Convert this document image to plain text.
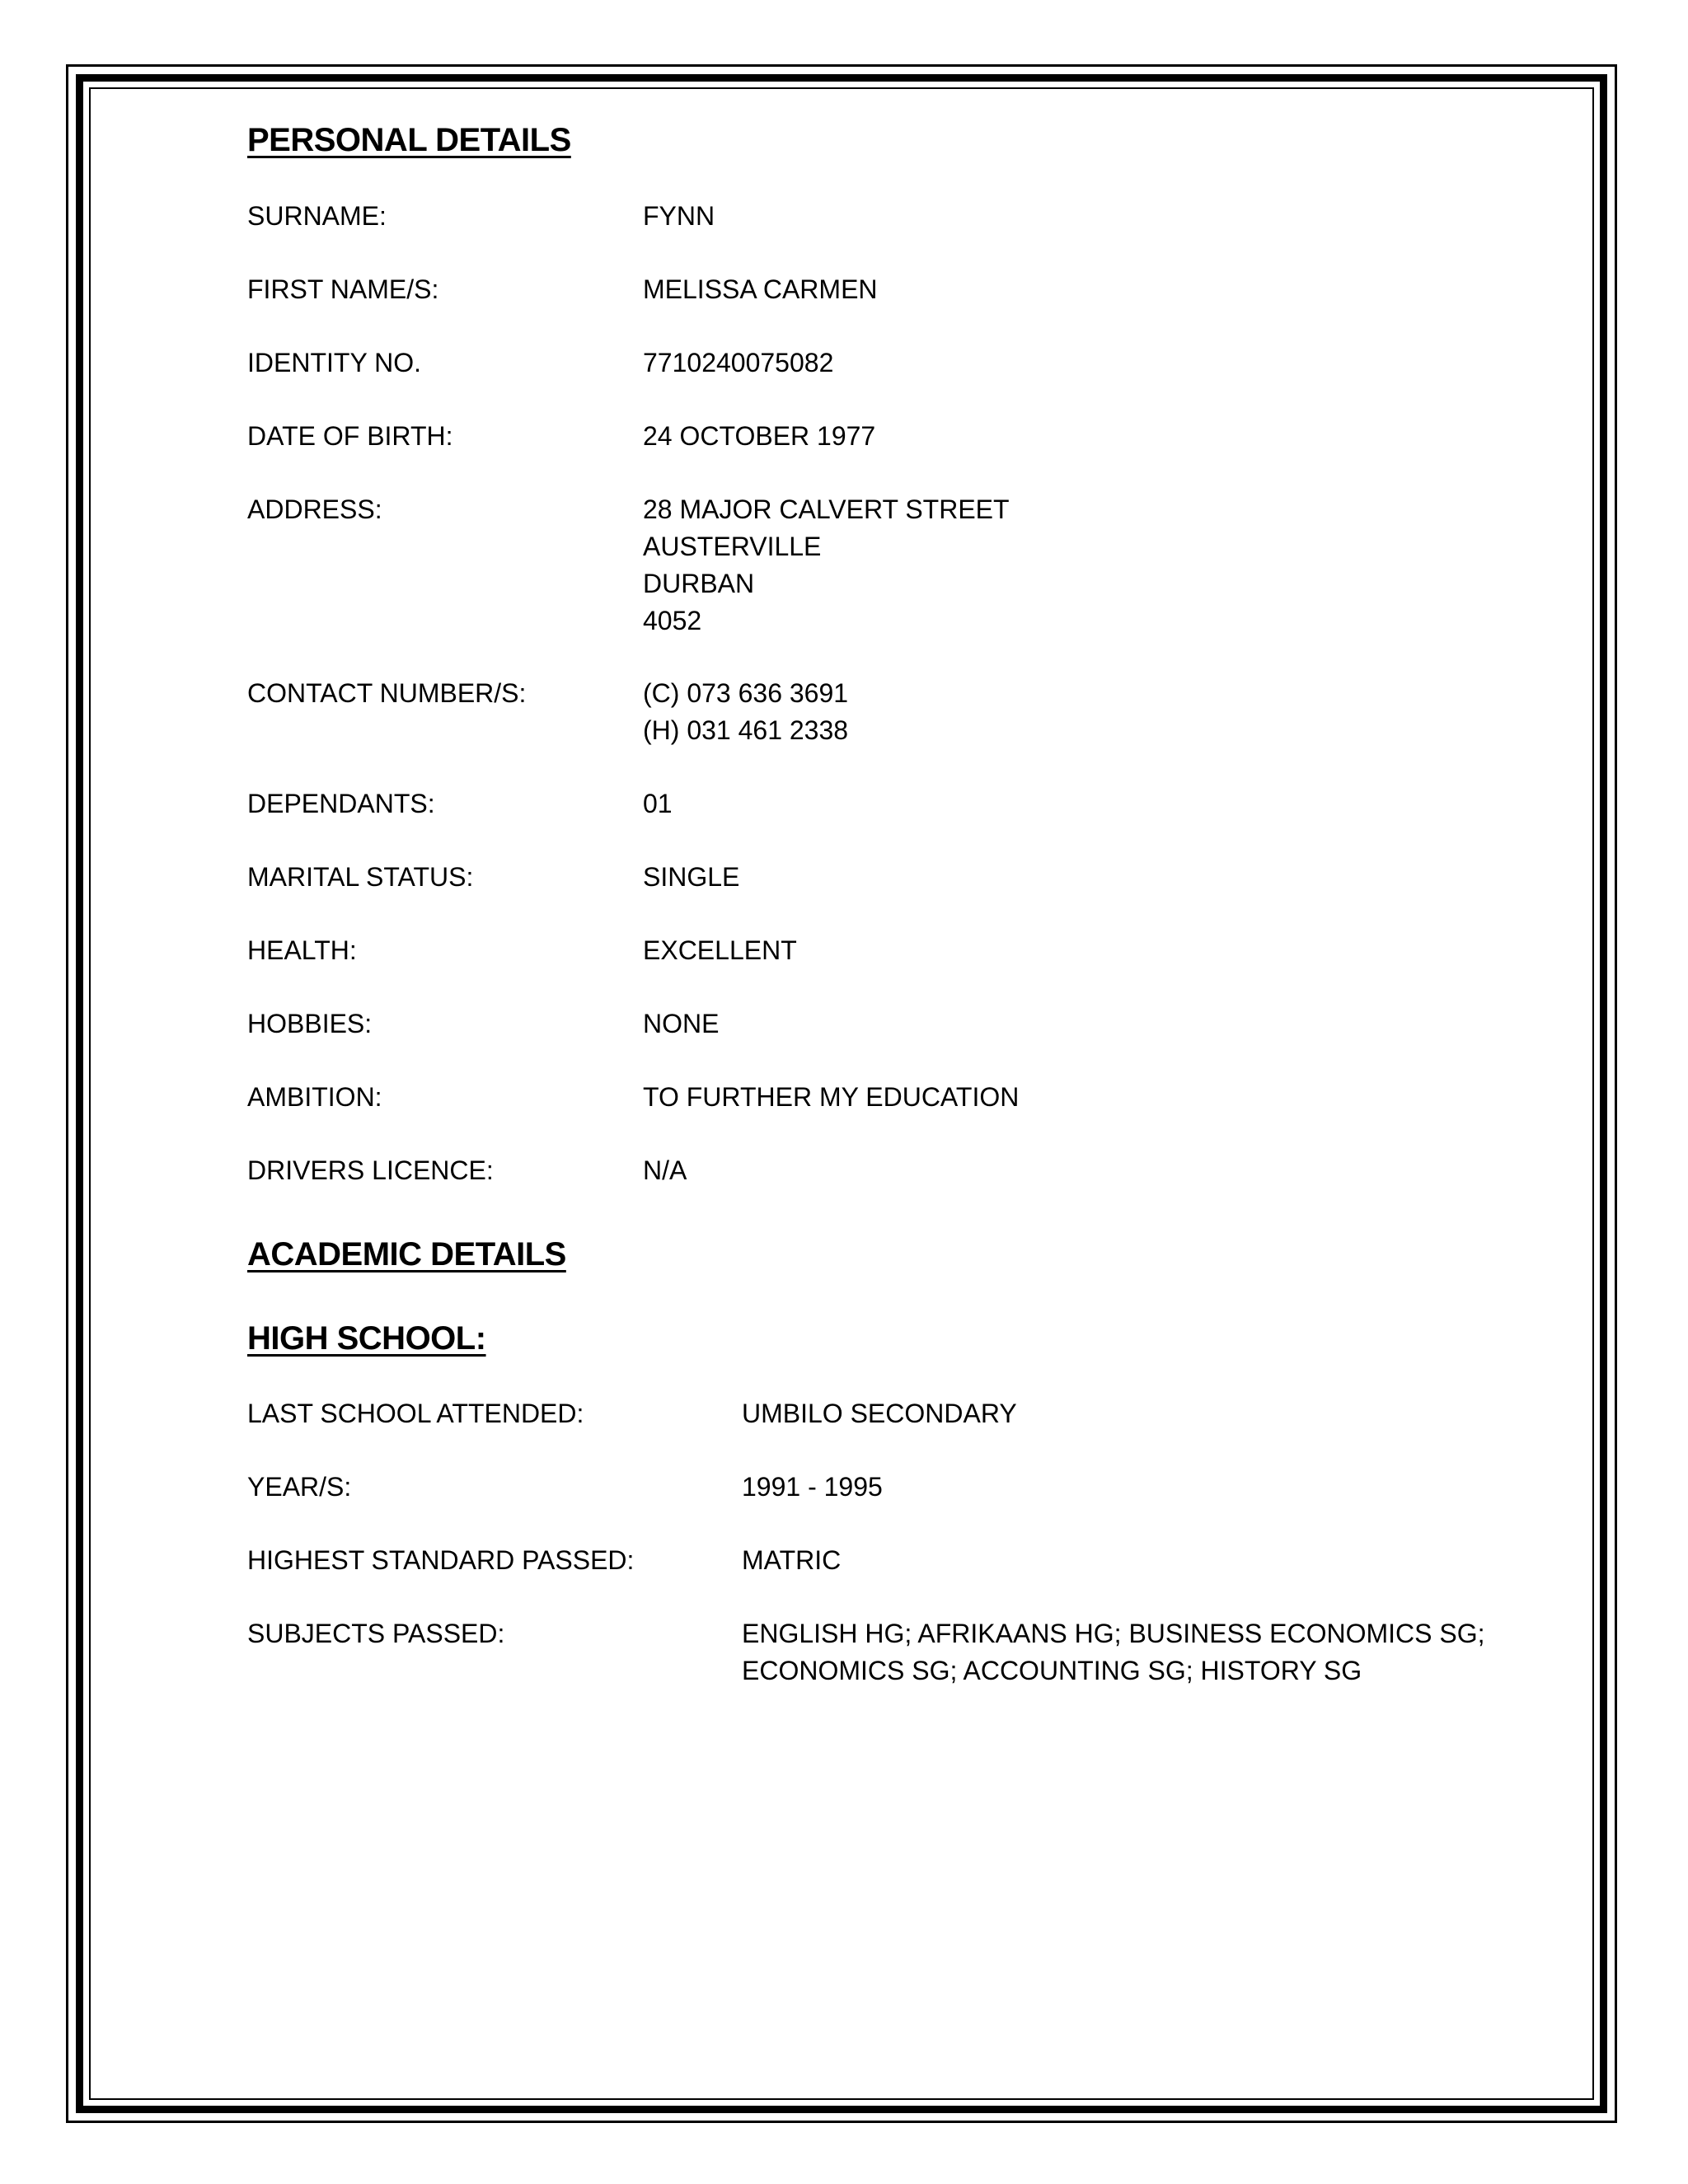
PERSONAL DETAILS
SURNAME:	FYNN
FIRST NAME/S:	MELISSA CARMEN
IDENTITY NO.	7710240075082
DATE OF BIRTH:	24 OCTOBER 1977
ADDRESS:	28 MAJOR CALVERT STREET
AUSTERVILLE
DURBAN
4052
CONTACT NUMBER/S:	(C) 073 636 3691
(H) 031 461 2338
DEPENDANTS:	01
MARITAL STATUS:	SINGLE
HEALTH:	EXCELLENT
HOBBIES:	NONE
AMBITION:	TO FURTHER MY EDUCATION
DRIVERS LICENCE:	N/A
ACADEMIC DETAILS
HIGH SCHOOL:
LAST SCHOOL ATTENDED:	UMBILO SECONDARY
YEAR/S:	1991 - 1995
HIGHEST STANDARD PASSED:	MATRIC
SUBJECTS PASSED:	ENGLISH HG; AFRIKAANS HG; BUSINESS ECONOMICS SG;
ECONOMICS SG; ACCOUNTING SG; HISTORY SG
